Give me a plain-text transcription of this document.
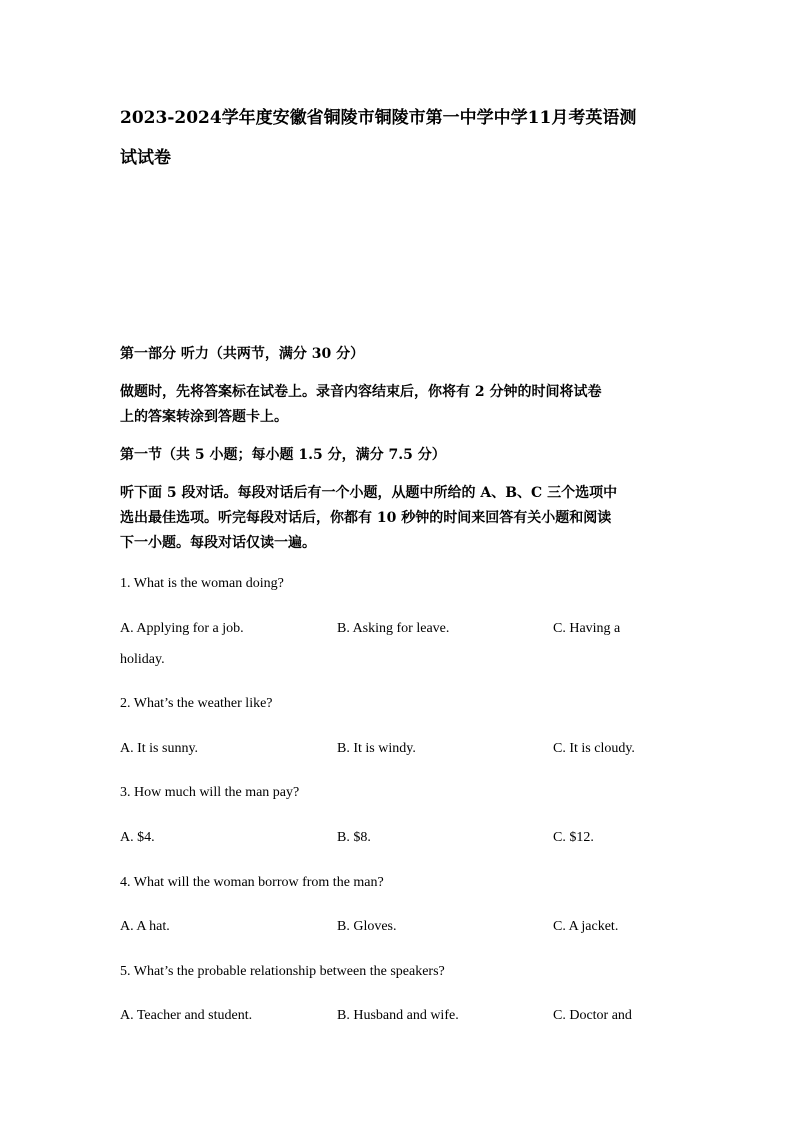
2023-2024学年度安徽省铜陵市铜陵市第一中学中学11月考英语测
试试卷
第一部分 听力（共两节，满分 30 分）
做题时，先将答案标在试卷上。录音内容结束后，你将有 2 分钟的时间将试卷
上的答案转涂到答题卡上。
第一节（共 5 小题；每小题 1.5 分，满分 7.5 分）
听下面 5 段对话。每段对话后有一个小题，从题中所给的 A、B、C 三个选项中
选出最佳选项。听完每段对话后，你都有 10 秒钟的时间来回答有关小题和阅读
下一小题。每段对话仅读一遍。
1. What is the woman doing?
A. Applying for a job.	B. Asking for leave.	C. Having a
holiday.
2. What’s the weather like?
A. It is sunny.	B. It is windy.	C. It is cloudy.
3. How much will the man pay?
A. $4.	B. $8.	C. $12.
4. What will the woman borrow from the man?
A. A hat.	B. Gloves.	C. A jacket.
5. What’s the probable relationship between the speakers?
A. Teacher and student.	B. Husband and wife.	C. Doctor and
